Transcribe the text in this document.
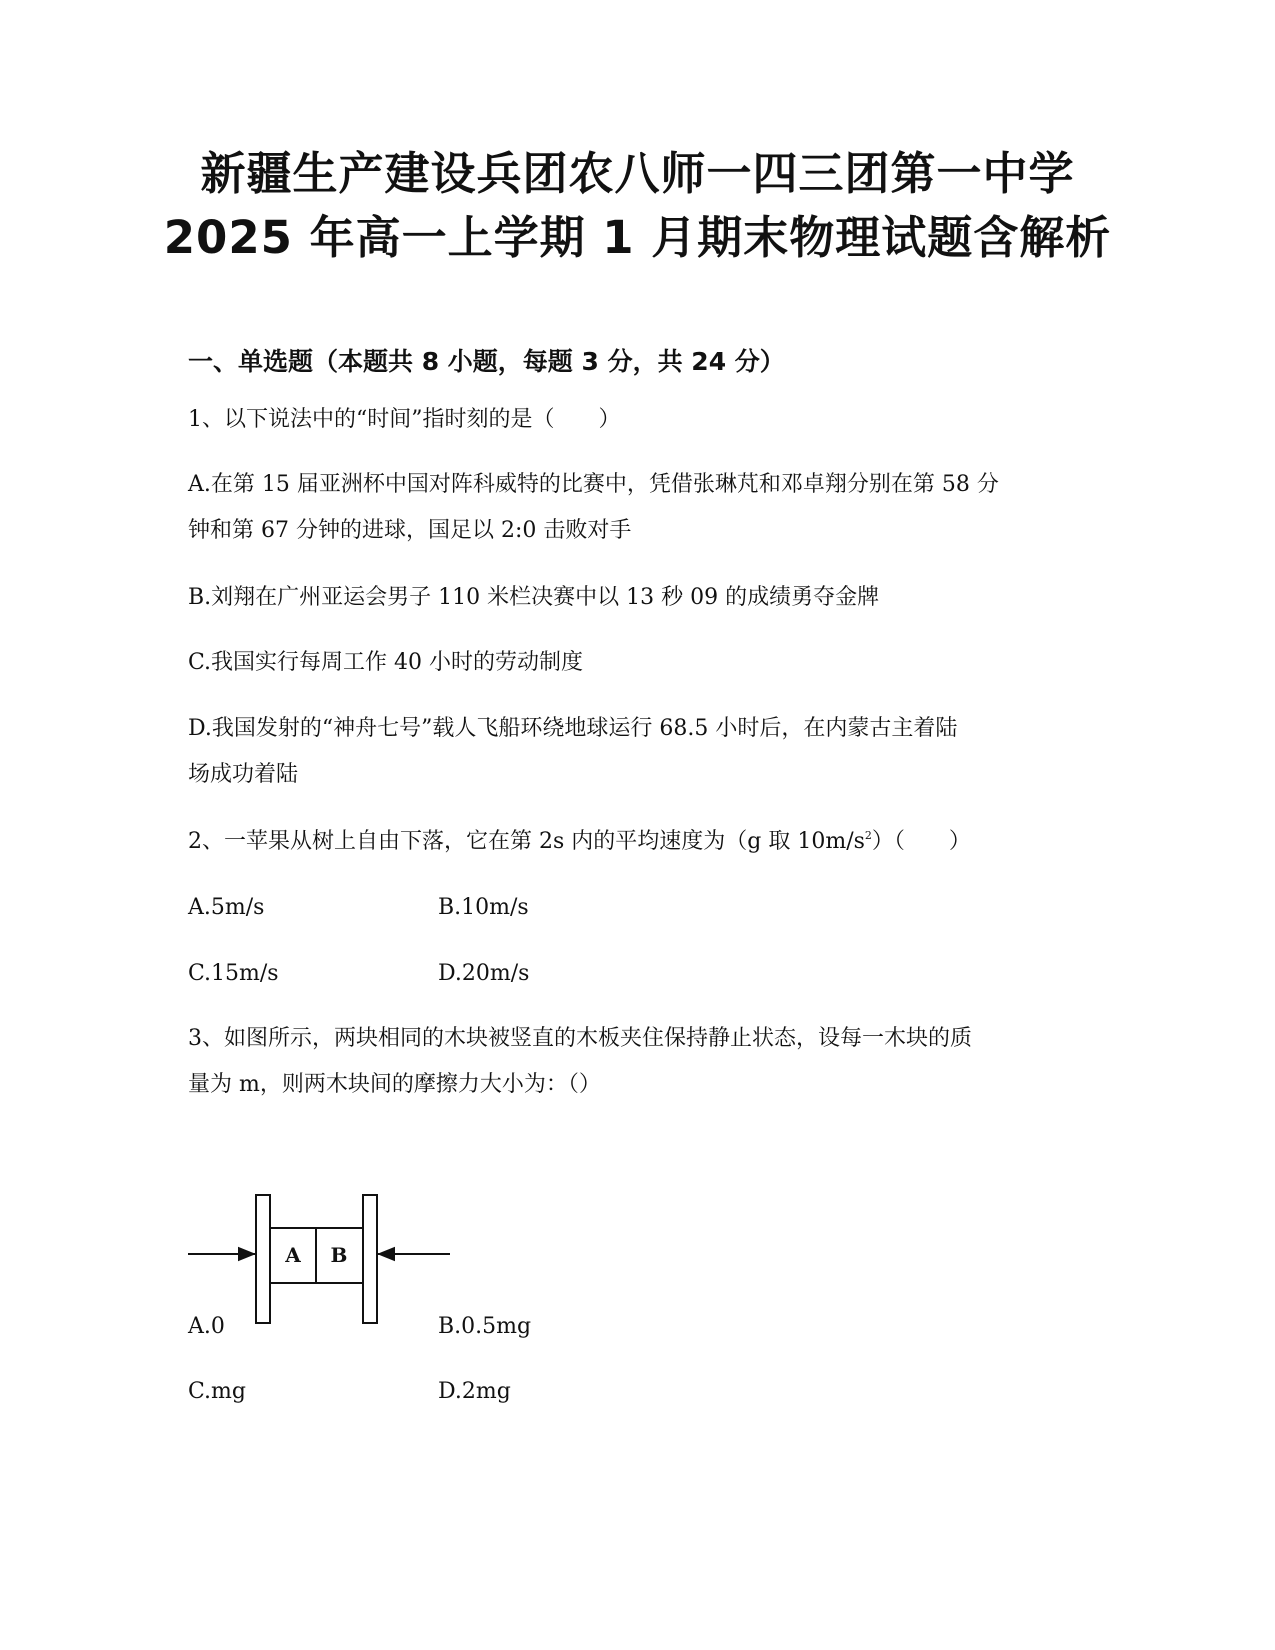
新疆生产建设兵团农八师一四三团第一中学
2025 年高一上学期 1 月期末物理试题含解析
一、单选题（本题共 8 小题，每题 3 分，共 24 分）
1、以下说法中的“时间”指时刻的是（　　）
A.在第 15 届亚洲杯中国对阵科威特的比赛中，凭借张琳芃和邓卓翔分别在第 58 分
钟和第 67 分钟的进球，国足以 2:0 击败对手
B.刘翔在广州亚运会男子 110 米栏决赛中以 13 秒 09 的成绩勇夺金牌
C.我国实行每周工作 40 小时的劳动制度
D.我国发射的“神舟七号”载人飞船环绕地球运行 68.5 小时后，在内蒙古主着陆
场成功着陆
2、一苹果从树上自由下落，它在第 2s 内的平均速度为（g 取 $10m/s^2$）（　　）
A.5m/s	B.10m/s
C.15m/s	D.20m/s
3、如图所示，两块相同的木块被竖直的木板夹住保持静止状态，设每一木块的质
量为 m，则两木块间的摩擦力大小为：（）
A B
A.0	B.0.5mg
C.mg	D.2mg
